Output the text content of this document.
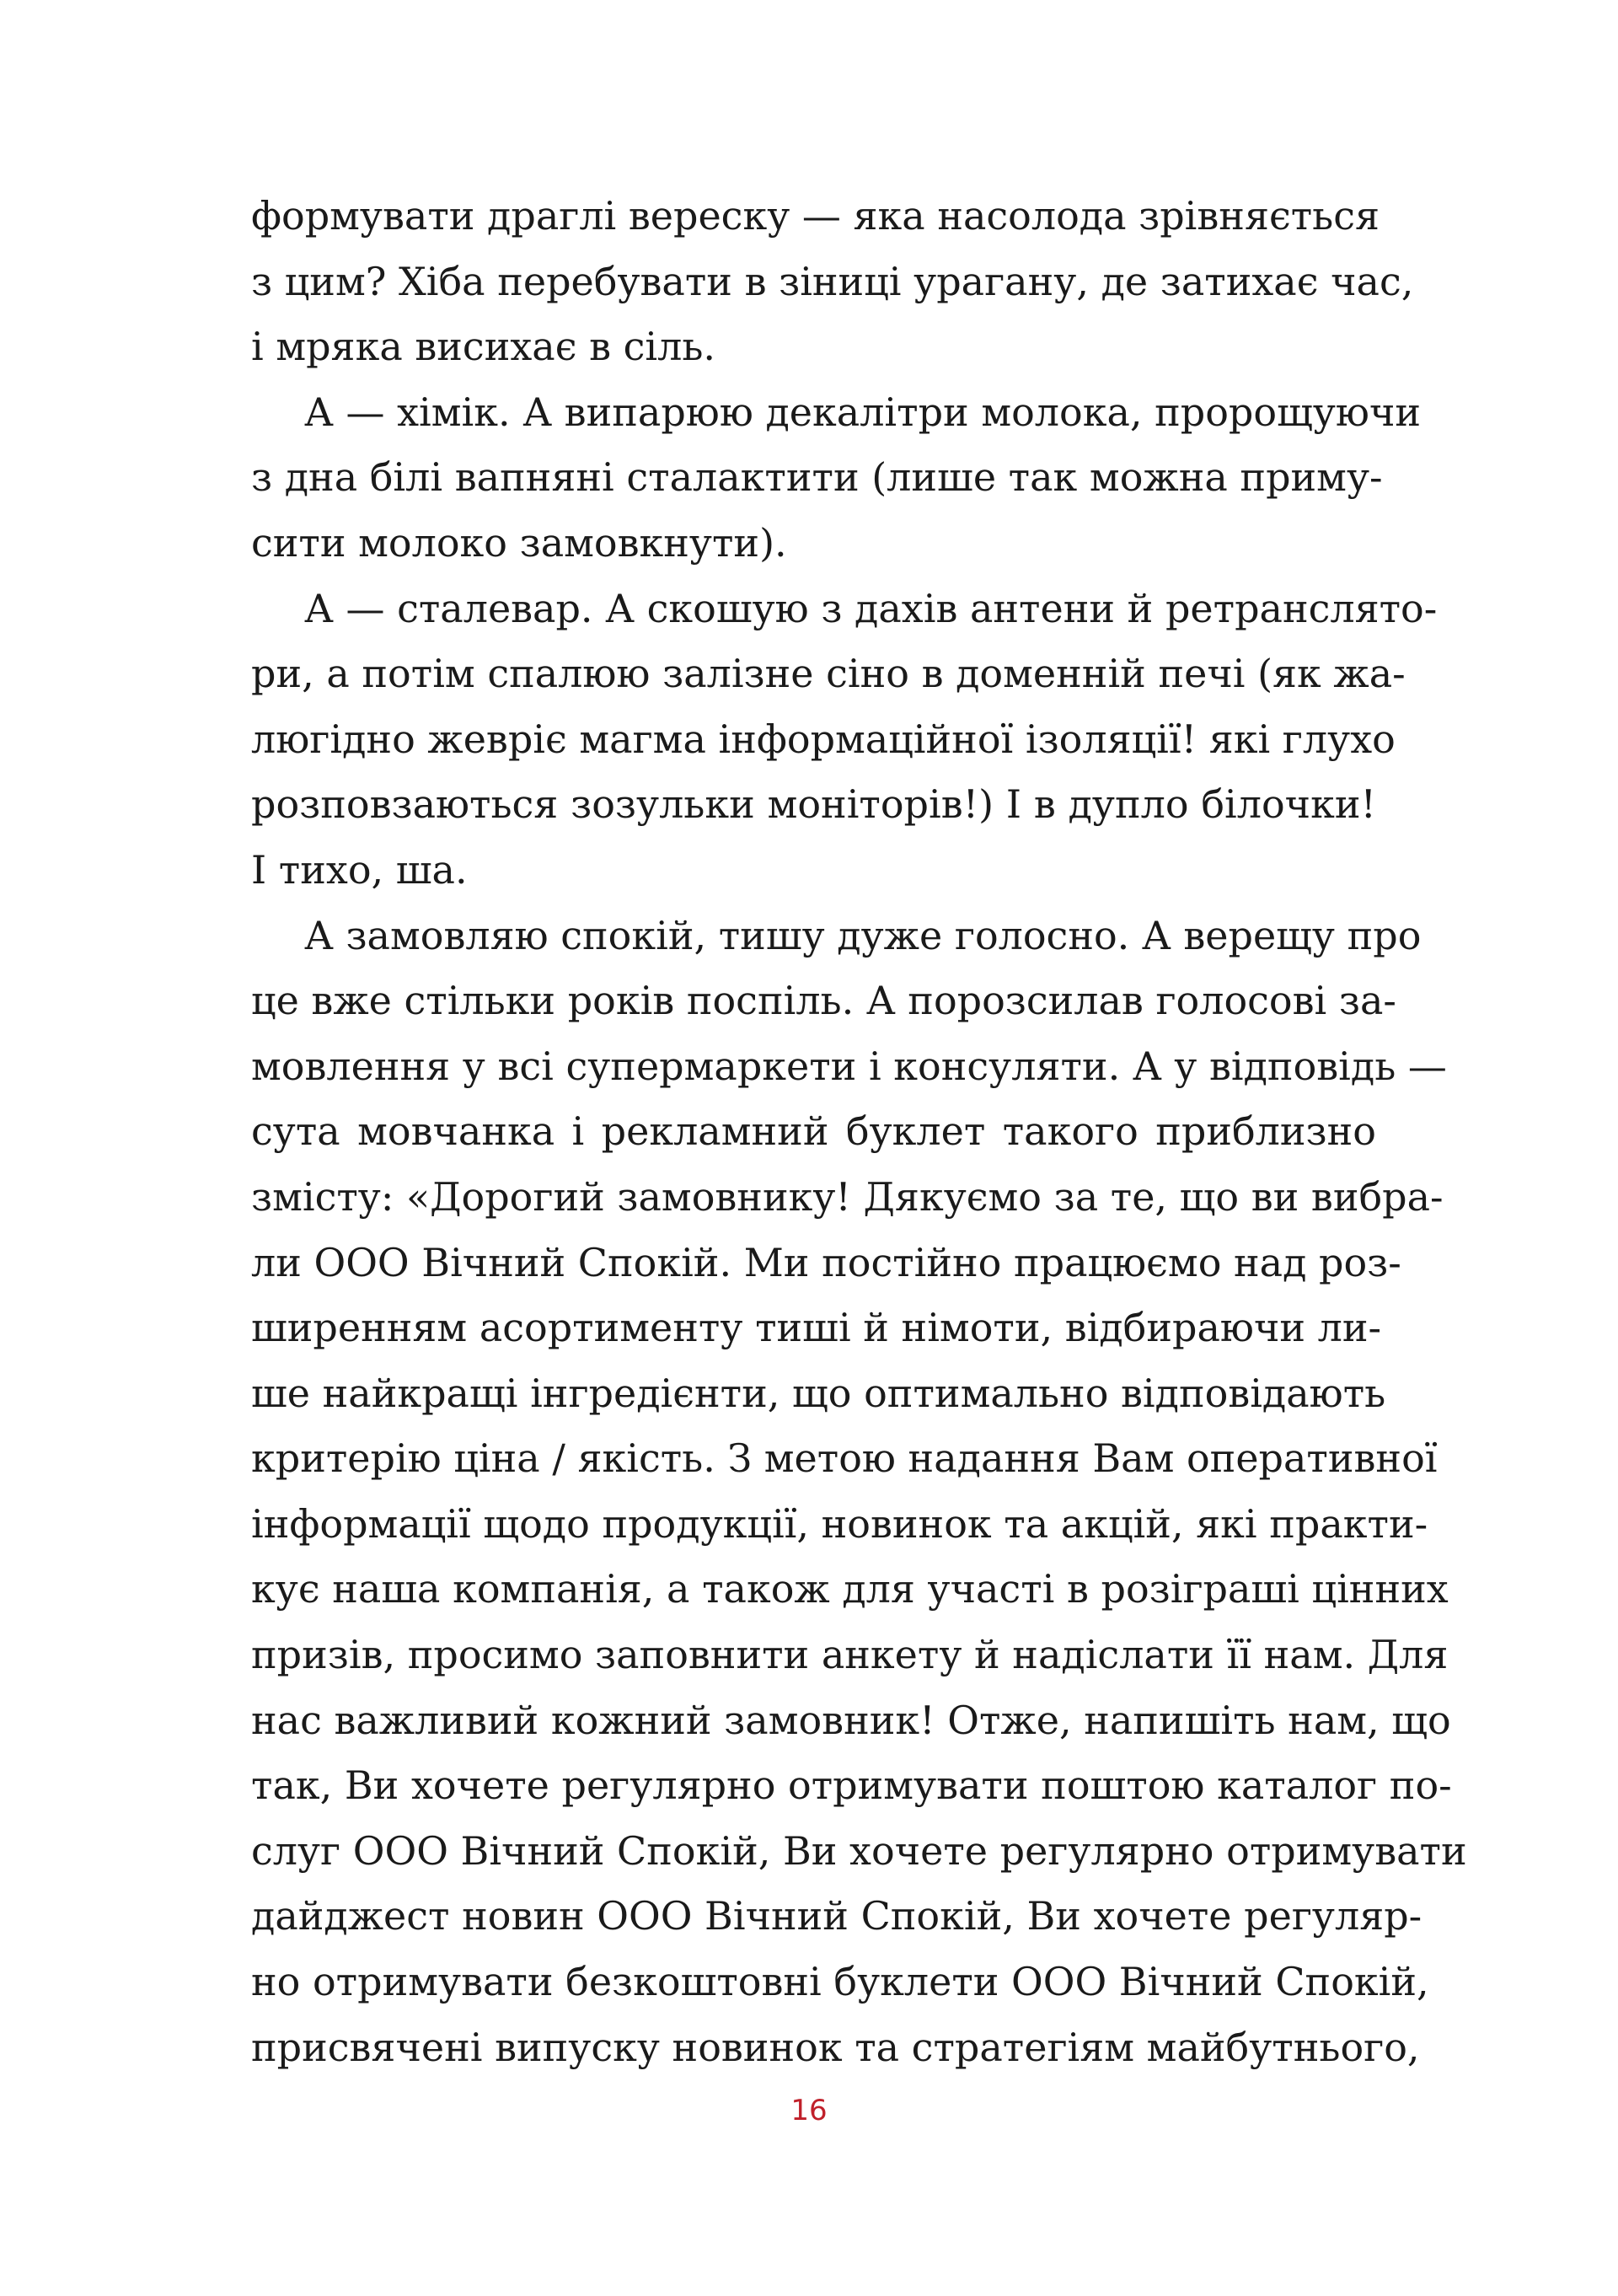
формувати драглі вереску — яка насолода зрівняється
з цим? Хіба перебувати в зіниці урагану, де затихає час,
і мряка висихає в сіль.
А — хімік. А випарюю декалітри молока, пророщуючи
з дна білі вапняні сталактити (лише так можна приму-
сити молоко замовкнути).
А — сталевар. А скошую з дахів антени й ретранслято-
ри, а потім спалюю залізне сіно в доменній печі (як жа-
люгідно жевріє магма інформаційної ізоляції! які глухо
розповзаються зозульки моніторів!) І в дупло білочки!
І тихо, ша.
А замовляю спокій, тишу дуже голосно. А верещу про
це вже стільки років поспіль. А порозсилав голосові за-
мовлення у всі супермаркети і консуляти. А у відповідь —
сута мовчанка і рекламний буклет такого приблизно
змісту: «Дорогий замовнику! Дякуємо за те, що ви вибра-
ли ООО Вічний Спокій. Ми постійно працюємо над роз-
ширенням асортименту тиші й німоти, відбираючи ли-
ше найкращі інгредієнти, що оптимально відповідають
критерію ціна / якість. З метою надання Вам оперативної
інформації щодо продукції, новинок та акцій, які практи-
кує наша компанія, а також для участі в розіграші цінних
призів, просимо заповнити анкету й надіслати її нам. Для
нас важливий кожний замовник! Отже, напишіть нам, що
так, Ви хочете регулярно отримувати поштою каталог по-
слуг ООО Вічний Спокій, Ви хочете регулярно отримувати
дайджест новин ООО Вічний Спокій, Ви хочете регуляр-
но отримувати безкоштовні буклети ООО Вічний Спокій,
присвячені випуску новинок та стратегіям майбутнього,
16
